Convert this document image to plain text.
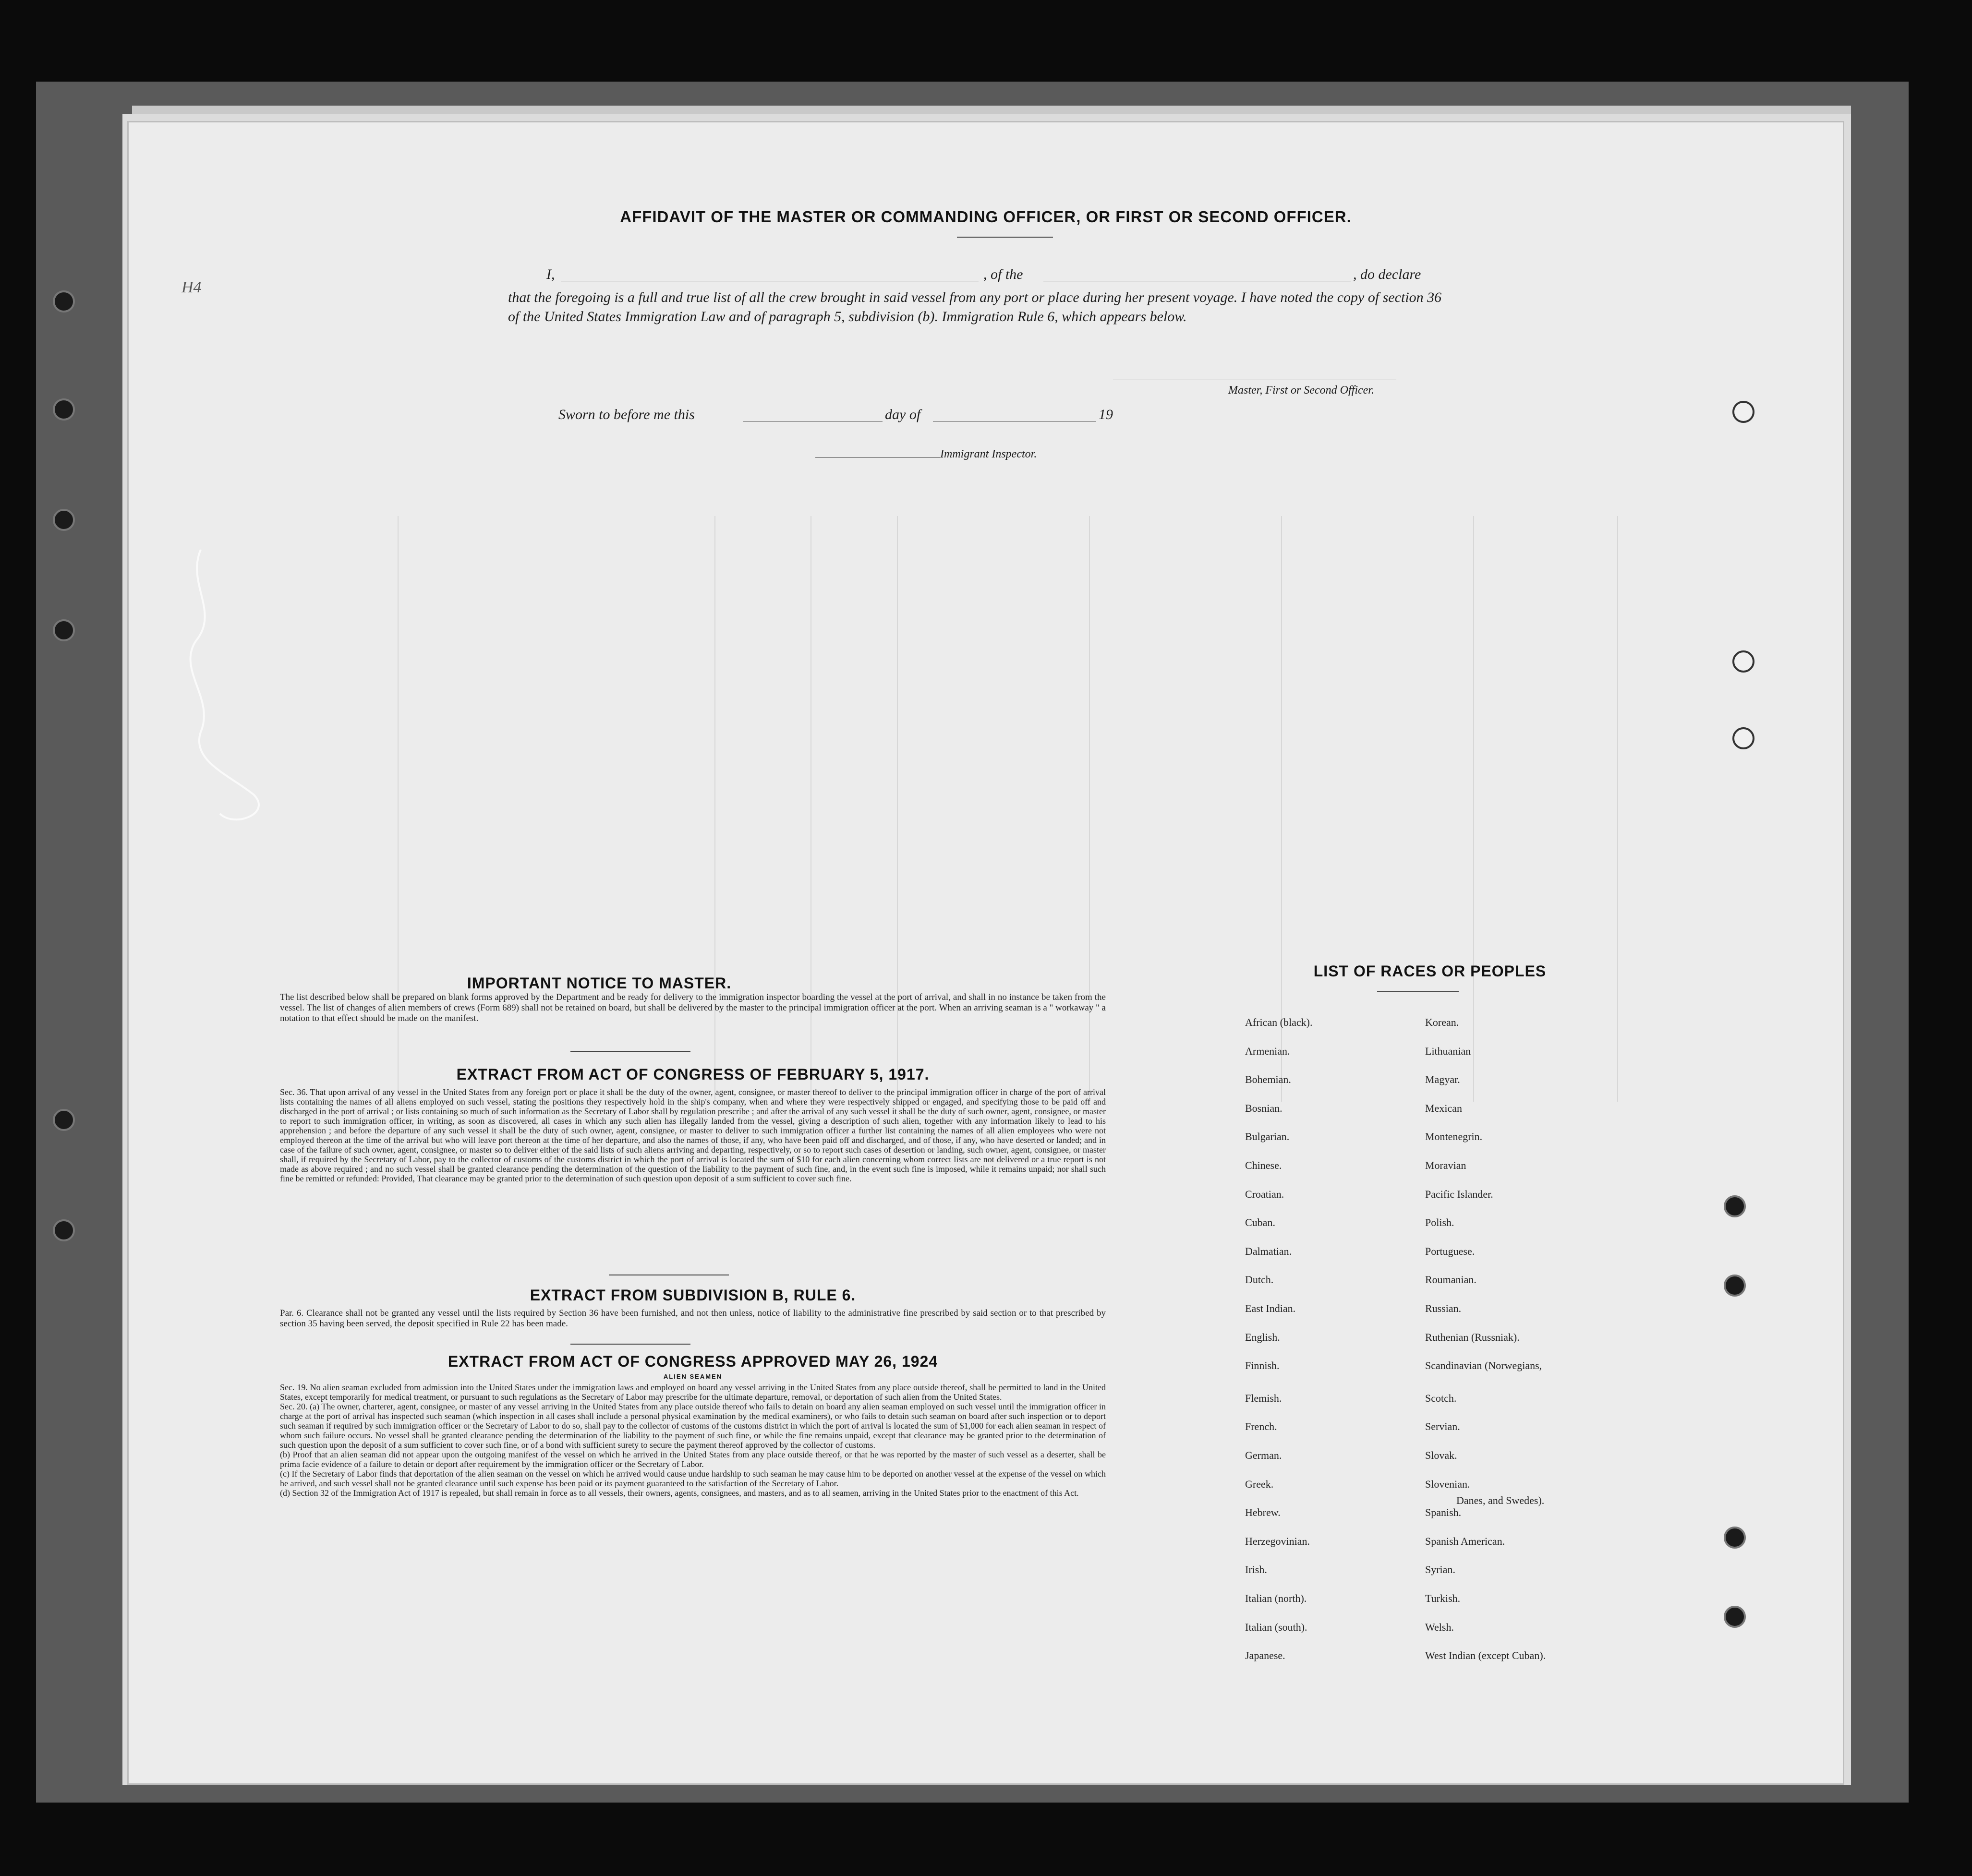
H4
AFFIDAVIT OF THE MASTER OR COMMANDING OFFICER, OR FIRST OR SECOND OFFICER.
I,	, of the	, do declare
that the foregoing is a full and true list of all the crew brought in said vessel from any port or place during her present voyage. I have noted the copy of section 36 of the United States Immigration Law and of paragraph 5, subdivision (b). Immigration Rule 6, which appears below.
Master, First or Second Officer.
Sworn to before me this	day of	19
Immigrant Inspector.
IMPORTANT NOTICE TO MASTER.
The list described below shall be prepared on blank forms approved by the Department and be ready for delivery to the immigration inspector boarding the vessel at the port of arrival, and shall in no instance be taken from the vessel. The list of changes of alien members of crews (Form 689) shall not be retained on board, but shall be delivered by the master to the principal immigration officer at the port. When an arriving seaman is a " workaway " a notation to that effect should be made on the manifest.
EXTRACT FROM ACT OF CONGRESS OF FEBRUARY 5, 1917.
Sec. 36. That upon arrival of any vessel in the United States from any foreign port or place it shall be the duty of the owner, agent, consignee, or master thereof to deliver to the principal immigration officer in charge of the port of arrival lists containing the names of all aliens employed on such vessel, stating the positions they respectively hold in the ship's company, when and where they were respectively shipped or engaged, and specifying those to be paid off and discharged in the port of arrival ; or lists containing so much of such information as the Secretary of Labor shall by regulation prescribe ; and after the arrival of any such vessel it shall be the duty of such owner, agent, consignee, or master to report to such immigration officer, in writing, as soon as discovered, all cases in which any such alien has illegally landed from the vessel, giving a description of such alien, together with any information likely to lead to his apprehension ; and before the departure of any such vessel it shall be the duty of such owner, agent, consignee, or master to deliver to such immigration officer a further list containing the names of all alien employees who were not employed thereon at the time of the arrival but who will leave port thereon at the time of her departure, and also the names of those, if any, who have been paid off and discharged, and of those, if any, who have deserted or landed; and in case of the failure of such owner, agent, consignee, or master so to deliver either of the said lists of such aliens arriving and departing, respectively, or so to report such cases of desertion or landing, such owner, agent, consignee, or master shall, if required by the Secretary of Labor, pay to the collector of customs of the customs district in which the port of arrival is located the sum of $10 for each alien concerning whom correct lists are not delivered or a true report is not made as above required ; and no such vessel shall be granted clearance pending the determination of the question of the liability to the payment of such fine, and, in the event such fine is imposed, while it remains unpaid; nor shall such fine be remitted or refunded: Provided, That clearance may be granted prior to the determination of such question upon deposit of a sum sufficient to cover such fine.
EXTRACT FROM SUBDIVISION B, RULE 6.
Par. 6. Clearance shall not be granted any vessel until the lists required by Section 36 have been furnished, and not then unless, notice of liability to the administrative fine prescribed by said section or to that prescribed by section 35 having been served, the deposit specified in Rule 22 has been made.
EXTRACT FROM ACT OF CONGRESS APPROVED MAY 26, 1924
ALIEN SEAMEN
Sec. 19. No alien seaman excluded from admission into the United States under the immigration laws and employed on board any vessel arriving in the United States from any place outside thereof, shall be permitted to land in the United States, except temporarily for medical treatment, or pursuant to such regulations as the Secretary of Labor may prescribe for the ultimate departure, removal, or deportation of such alien from the United States.
Sec. 20. (a) The owner, charterer, agent, consignee, or master of any vessel arriving in the United States from any place outside thereof who fails to detain on board any alien seaman employed on such vessel until the immigration officer in charge at the port of arrival has inspected such seaman (which inspection in all cases shall include a personal physical examination by the medical examiners), or who fails to detain such seaman on board after such inspection or to deport such seaman if required by such immigration officer or the Secretary of Labor to do so, shall pay to the collector of customs of the customs district in which the port of arrival is located the sum of $1,000 for each alien seaman in respect of whom such failure occurs. No vessel shall be granted clearance pending the determination of the liability to the payment of such fine, or while the fine remains unpaid, except that clearance may be granted prior to the determination of such question upon the deposit of a sum sufficient to cover such fine, or of a bond with sufficient surety to secure the payment thereof approved by the collector of customs.
(b) Proof that an alien seaman did not appear upon the outgoing manifest of the vessel on which he arrived in the United States from any place outside thereof, or that he was reported by the master of such vessel as a deserter, shall be prima facie evidence of a failure to detain or deport after requirement by the immigration officer or the Secretary of Labor.
(c) If the Secretary of Labor finds that deportation of the alien seaman on the vessel on which he arrived would cause undue hardship to such seaman he may cause him to be deported on another vessel at the expense of the vessel on which he arrived, and such vessel shall not be granted clearance until such expense has been paid or its payment guaranteed to the satisfaction of the Secretary of Labor.
(d) Section 32 of the Immigration Act of 1917 is repealed, but shall remain in force as to all vessels, their owners, agents, consignees, and masters, and as to all seamen, arriving in the United States prior to the enactment of this Act.
LIST OF RACES OR PEOPLES
African (black).
Armenian.
Bohemian.
Bosnian.
Bulgarian.
Chinese.
Croatian.
Cuban.
Dalmatian.
Dutch.
East Indian.
English.
Finnish.
Flemish.
French.
German.
Greek.
Hebrew.
Herzegovinian.
Irish.
Italian (north).
Italian (south).
Japanese.
Korean.
Lithuanian
Magyar.
Mexican
Montenegrin.
Moravian
Pacific Islander.
Polish.
Portuguese.
Roumanian.
Russian.
Ruthenian (Russniak).
Scandinavian (Norwegians,
Scotch.
Servian.
Slovak.
Slovenian.
Spanish.
Spanish American.
Syrian.
Turkish.
Welsh.
West Indian (except Cuban).
Danes, and Swedes).
